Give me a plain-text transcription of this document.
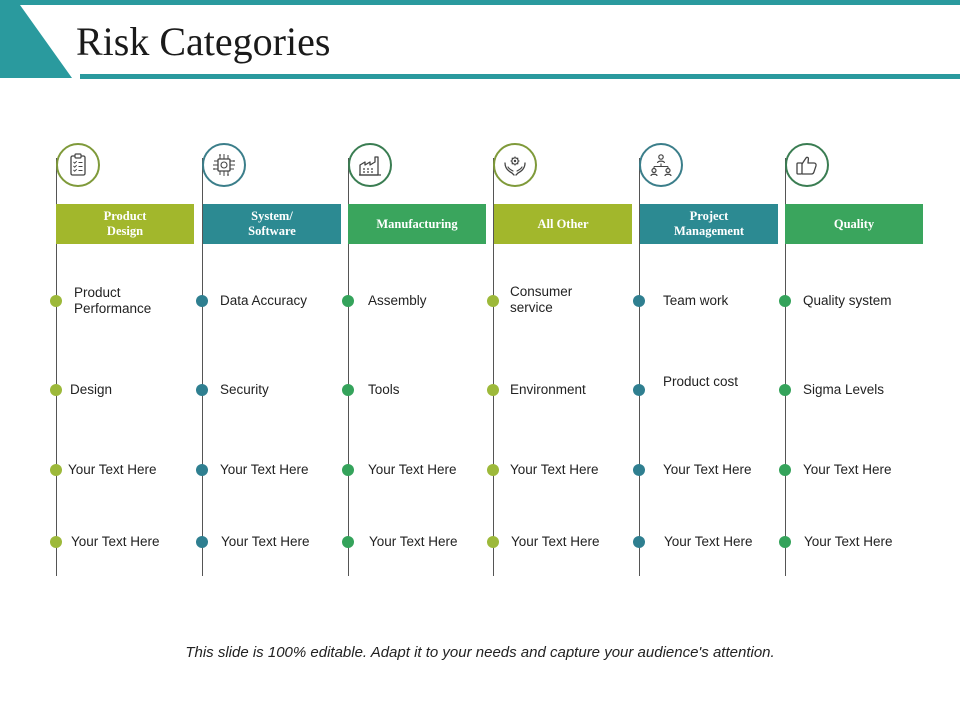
Risk Categories
Product
Design
Product
Performance
Design
Your Text Here
Your Text Here
System/
Software
Data Accuracy
Security
Your Text Here
Your Text Here
Manufacturing
Assembly
Tools
Your Text Here
Your Text Here
All Other
Consumer
service
Environment
Your Text Here
Your Text Here
Project
Management
Team work
Product cost
Your Text Here
Your Text Here
Quality
Quality system
Sigma Levels
Your Text Here
Your Text Here
This slide is 100% editable. Adapt it to your needs and capture your audience's attention.
